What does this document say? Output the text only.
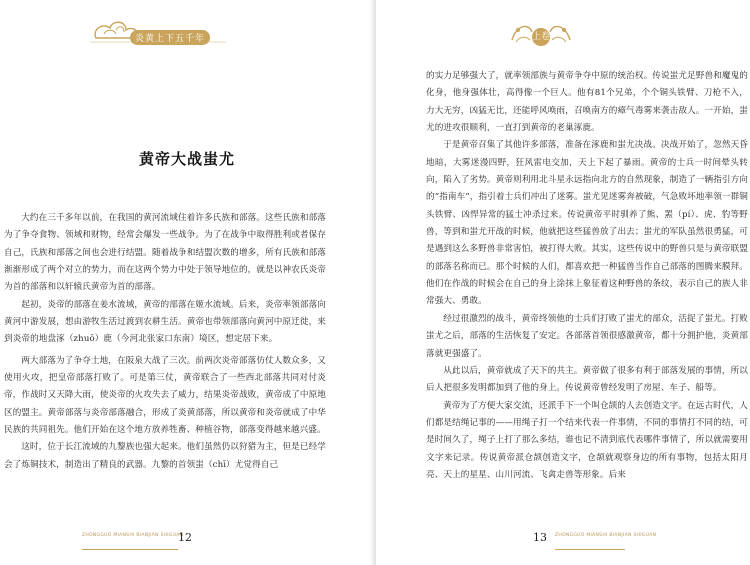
炎黄上下五千年
黄帝大战蚩尤

大约在三千多年以前，在我国的黄河流域住着许多氏族和部落。这些氏族和部落为了争夺食物、领域和财物，经常会爆发一些战争。为了在战争中取得胜利或者保存自己，氏族和部落之间也会进行结盟。随着战争和结盟次数的增多，所有氏族和部落渐渐形成了两个对立的势力，而在这两个势力中处于领导地位的，就是以神农氏炎帝为首的部落和以轩辕氏黄帝为首的部落。

起初，炎帝的部落在姜水流域，黄帝的部落在姬水流域。后来，炎帝率领部落向黄河中游发展，想由游牧生活过渡到农耕生活。黄帝也带领部落向黄河中原迁徙，来到炎帝的地盘涿（zhuō）鹿（今河北张家口东南）境区，想定居下来。

两大部落为了争夺土地，在阪泉大战了三次。前两次炎帝部落仿仗人数众多，又使用火攻，把皇帝部落打败了。可是第三仗，黄帝联合了一些西北部落共同对付炎帝，作战时又天降大雨，使炎帝的火攻失去了威力，结果炎帝战败，黄帝成了中原地区的盟主。黄帝部落与炎帝部落融合，形成了炎黄部落，所以黄帝和炎帝就成了中华民族的共同祖先。他们开始在这个地方放养牲畜、种植谷物，部落变得越来越兴盛。

这时，位于长江流域的九黎族也强大起来。他们虽然仍以狩猎为主，但是已经学会了炼铜技术，制造出了精良的武器。九黎的首领蚩（chī）尤觉得自己

ZHONGGUO MIANSHI BIANJIAN SHIGUAN
12
上卷

的实力足够强大了，就率领部族与黄帝争夺中原的统治权。传说蚩尤足野兽和魔鬼的化身，他身强体壮，高得像一个巨人。他有81个兄弟，个个铜头铁臂、刀枪不入，力大无穷，凶猛无比，还能呼风唤雨，召唤南方的瘴气毒雾来袭击敌人。一开始，蚩尤的进攻很顺利，一直打到黄帝的老巢涿鹿。

于是黄帝召集了其他许多部落，准备在涿鹿和蚩尤决战。决战开始了，忽然天昏地暗，大雾迷漫四野，狂风雷电交加，天上下起了暴雨。黄帝的士兵一时间晕头转向，陷入了劣势。黄帝则利用北斗星永远指向北方的自然现象，制造了一辆指引方向的“指南车”，指引着士兵们冲出了迷雾。蚩尤见迷雾奔被破，气急败坏地率领一群铜头铁臂、凶悍异常的猛士冲杀过来。传说黄帝平时驯养了熊、罴（pí）、虎、豹等野兽，等到和蚩尤开战的时候，他就把这些猛兽放了出去；蚩尤的军队虽然很勇猛，可是遇到这么多野兽非常害怕，被打得大败。其实，这些传说中的野兽只是与黄帝联盟的部落名称而已。那个时候的人们，都喜欢把一种猛兽当作自己部落的图腾来膜拜。他们在作战的时候会在自己的身上涂抹上象征着这种野兽的条纹，表示自己的族人非常强大、勇敢。

经过很激烈的战斗，黄帝终领他的士兵们打败了蚩尤的部众，活捉了蚩尤。打败蚩尤之后，部落的生活恢复了安定。各部落首领很感激黄帝，都十分拥护他，炎黄部落就更强盛了。

从此以后，黄帝就成了天下的共主。黄帝做了很多有利于部落发展的事情，所以后人把很多发明都加到了他的身上。传说黄帝曾经发明了房屋、车子、船等。

黄帝为了方便大家交流，还派手下一个叫仓颉的人去创造文字。在远古时代，人们都是结绳记事的——用绳子打一个结来代表一件事情，不同的事情打不同的结，可是时间久了，绳子上打了那么多结，谁也记不清到底代表哪件事情了，所以就需要用文字来记录。传说黄帝派仓颉创造文字，仓颉就观察身边的所有事物，包括太阳月亮、天上的星星、山川河流、飞禽走兽等形象。后来

13 ZHONGGUO MIANSHI BIANJIAN SHIGUAN
